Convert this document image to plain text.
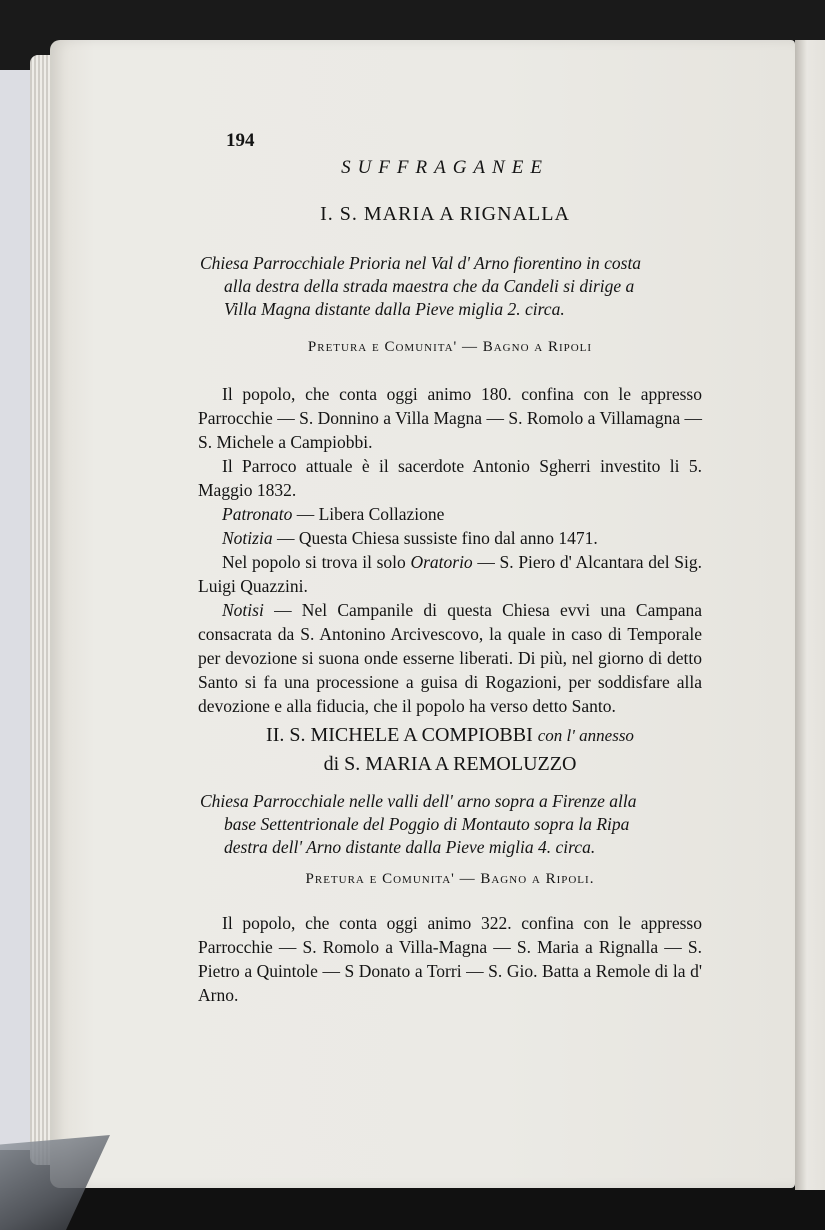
194
SUFFRAGANEE
I. S. MARIA A RIGNALLA
Chiesa Parrocchiale Prioria nel Val d' Arno fiorentino in costa
alla destra della strada maestra che da Candeli si dirige a
Villa Magna distante dalla Pieve miglia 2. circa.
Pretura e Comunita' — Bagno a Ripoli

Il popolo, che conta oggi animo 180. confina con le appresso Parrocchie — S. Donnino a Villa Magna — S. Romolo a Villamagna — S. Michele a Campiobbi.

Il Parroco attuale è il sacerdote Antonio Sgherri investito li 5. Maggio 1832.

Patronato — Libera Collazione

Notizia — Questa Chiesa sussiste fino dal anno 1471.

Nel popolo si trova il solo Oratorio — S. Piero d' Alcantara del Sig. Luigi Quazzini.

Notisi — Nel Campanile di questa Chiesa evvi una Campana consacrata da S. Antonino Arcivescovo, la quale in caso di Temporale per devozione si suona onde esserne liberati. Di più, nel giorno di detto Santo si fa una processione a guisa di Rogazioni, per soddisfare alla devozione e alla fiducia, che il popolo ha verso detto Santo.

II. S. MICHELE A COMPIOBBI con l' annesso
di S. MARIA A REMOLUZZO
Chiesa Parrocchiale nelle valli dell' arno sopra a Firenze alla
base Settentrionale del Poggio di Montauto sopra la Ripa
destra dell' Arno distante dalla Pieve miglia 4. circa.
Pretura e Comunita' — Bagno a Ripoli.

Il popolo, che conta oggi animo 322. confina con le appresso Parrocchie — S. Romolo a Villa-Magna — S. Maria a Rignalla — S. Pietro a Quintole — S Donato a Torri — S. Gio. Batta a Remole di la d' Arno.
